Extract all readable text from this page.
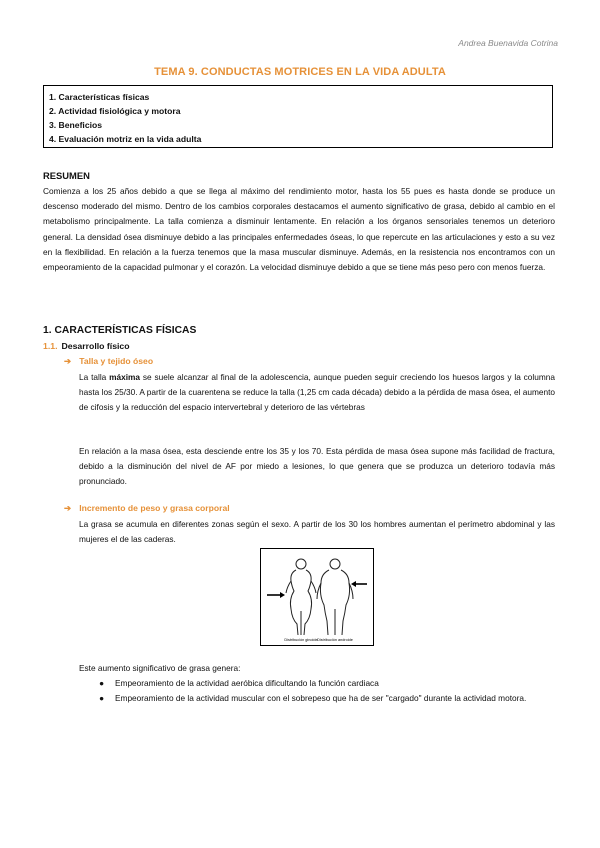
Andrea Buenavida Cotrina
TEMA 9. CONDUCTAS MOTRICES EN LA VIDA ADULTA
1. Características físicas
2. Actividad fisiológica y motora
3. Beneficios
4. Evaluación motriz en la vida adulta
RESUMEN
Comienza a los 25 años debido a que se llega al máximo del rendimiento motor, hasta los 55 pues es hasta donde se produce un descenso moderado del mismo. Dentro de los cambios corporales destacamos el aumento significativo de grasa, debido al cambio en el metabolismo principalmente. La talla comienza a disminuir lentamente. En relación a los órganos sensoriales tenemos un deterioro general. La densidad ósea disminuye debido a las principales enfermedades óseas, lo que repercute en las articulaciones y esto a su vez en la flexibilidad. En relación a la fuerza tenemos que la masa muscular disminuye. Además, en la resistencia nos encontramos con un empeoramiento de la capacidad pulmonar y el corazón. La velocidad disminuye debido a que se tiene más peso pero con menos fuerza.
1. CARACTERÍSTICAS FÍSICAS
1.1. Desarrollo físico
➔ Talla y tejido óseo
La talla máxima se suele alcanzar al final de la adolescencia, aunque pueden seguir creciendo los huesos largos y la columna hasta los 25/30. A partir de la cuarentena se reduce la talla (1,25 cm cada década) debido a la pérdida de masa ósea, el aumento de cifosis y la reducción del espacio intervertebral y deterioro de las vértebras
En relación a la masa ósea, esta desciende entre los 35 y los 70. Esta pérdida de masa ósea supone más facilidad de fractura, debido a la disminución del nivel de AF por miedo a lesiones, lo que genera que se produzca un deterioro todavía más pronunciado.
➔ Incremento de peso y grasa corporal
La grasa se acumula en diferentes zonas según el sexo. A partir de los 30 los hombres aumentan el perímetro abdominal y las mujeres el de las caderas.
Distribución ginoide Distribución androide
Este aumento significativo de grasa genera:
● Empeoramiento de la actividad aeróbica dificultando la función cardiaca
● Empeoramiento de la actividad muscular con el sobrepeso que ha de ser "cargado" durante la actividad motora.
